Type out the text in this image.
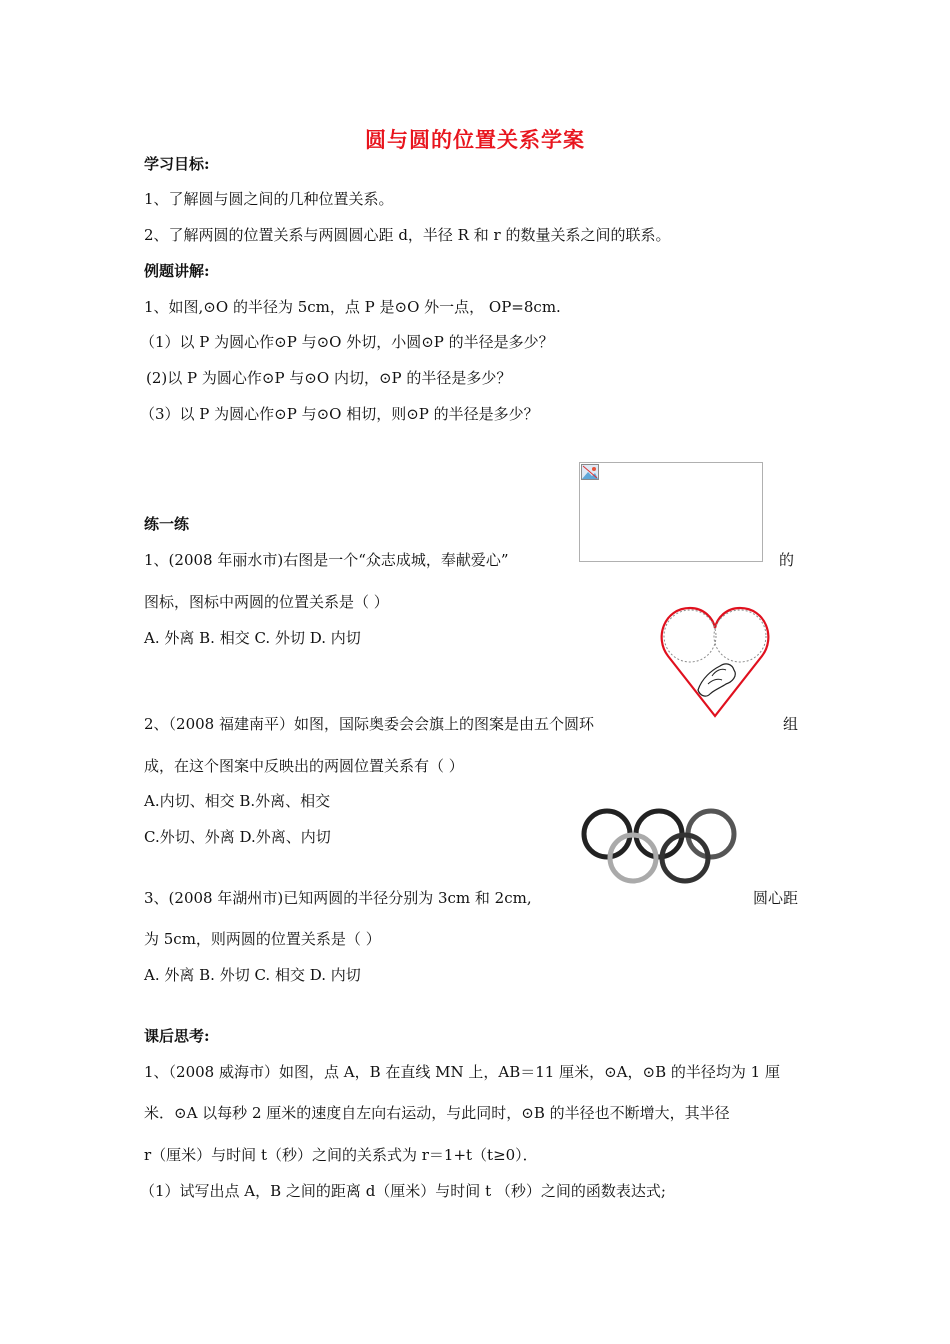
圆与圆的位置关系学案
学习目标:
1、了解圆与圆之间的几种位置关系。
2、了解两圆的位置关系与两圆圆心距 d，半径 R 和 r 的数量关系之间的联系。
例题讲解:
1、如图,⊙O 的半径为 5cm，点 P 是⊙O 外一点， OP=8cm.
（1）以 P 为圆心作⊙P 与⊙O 外切，小圆⊙P 的半径是多少？
(2)以 P 为圆心作⊙P 与⊙O 内切，⊙P 的半径是多少？
（3）以 P 为圆心作⊙P 与⊙O 相切，则⊙P 的半径是多少？
练一练
1、(2008 年丽水市)右图是一个“众志成城，奉献爱心”	的
图标，图标中两圆的位置关系是（ ）
A. 外离 B. 相交 C. 外切 D. 内切
2、（2008 福建南平）如图，国际奥委会会旗上的图案是由五个圆环	组
成，在这个图案中反映出的两圆位置关系有（ ）
A.内切、相交 B.外离、相交
C.外切、外离 D.外离、内切
3、(2008 年湖州市)已知两圆的半径分别为 3cm 和 2cm,	圆心距
为 5cm，则两圆的位置关系是（ ）
A. 外离 B. 外切 C. 相交 D. 内切
课后思考:
1、（2008 威海市）如图，点 A，B 在直线 MN 上，AB＝11 厘米，⊙A，⊙B 的半径均为 1 厘
米．⊙A 以每秒 2 厘米的速度自左向右运动，与此同时，⊙B 的半径也不断增大，其半径
r（厘米）与时间 t（秒）之间的关系式为 r＝1+t（t≥0）．
（1）试写出点 A，B 之间的距离 d（厘米）与时间 t （秒）之间的函数表达式;
